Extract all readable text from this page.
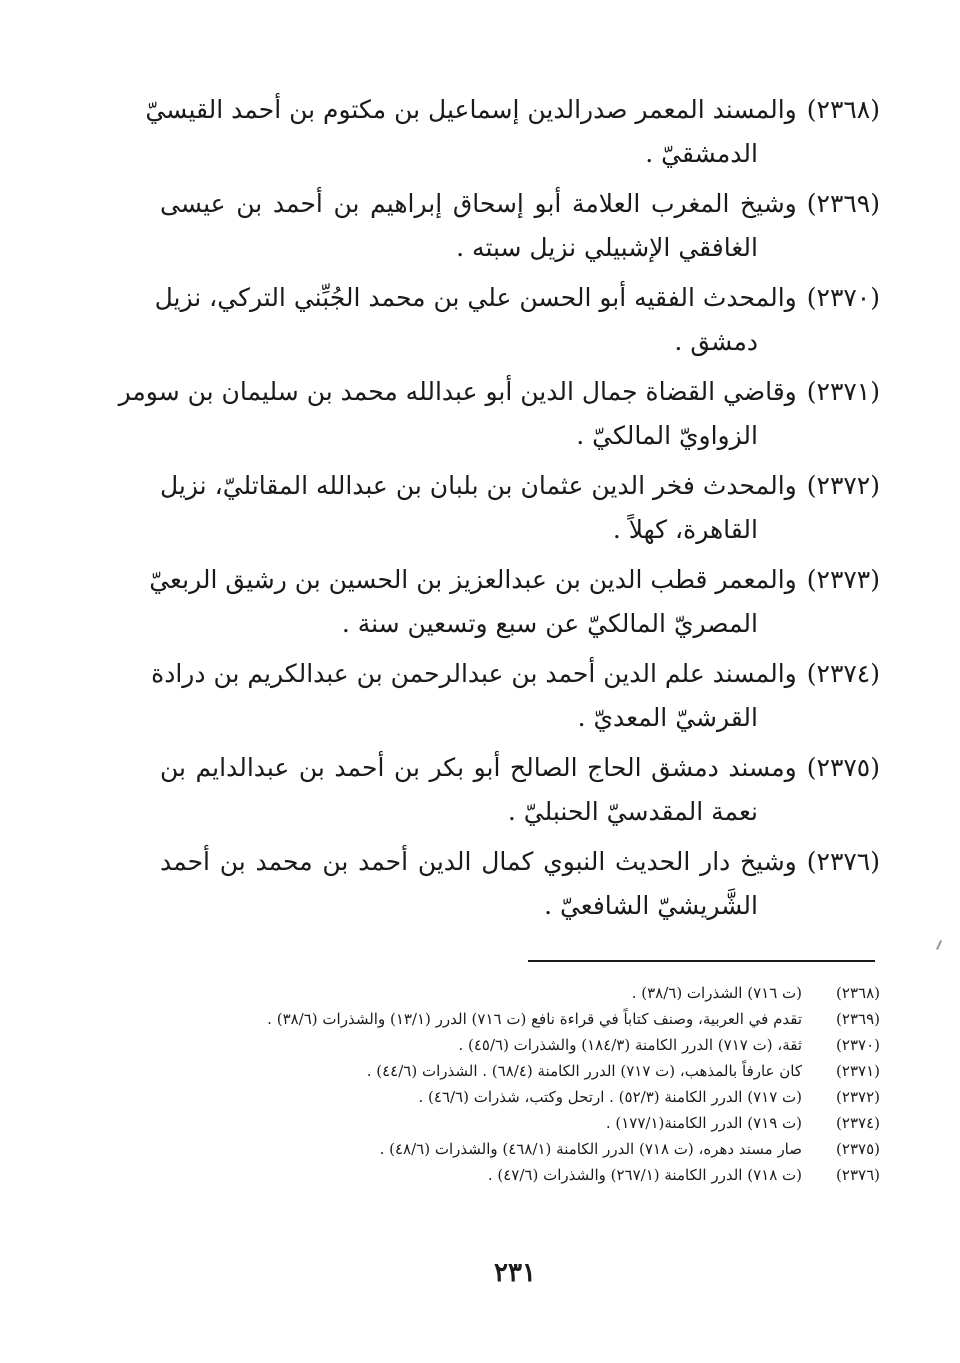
(٢٣٦٨)والمسند المعمر صدرالدين إسماعيل بن مكتوم بن أحمد القيسيّ
الدمشقيّ .
(٢٣٦٩)وشيخ المغرب العلامة أبو إسحاق إبراهيم بن أحمد بن عيسى
الغافقي الإشبيلي نزيل سبته .
(٢٣٧٠)والمحدث الفقيه أبو الحسن علي بن محمد الجُبِّني التركي، نزيل
دمشق .
(٢٣٧١)وقاضي القضاة جمال الدين أبو عبدالله محمد بن سليمان بن سومر
الزواويّ المالكيّ .
(٢٣٧٢)والمحدث فخر الدين عثمان بن بلبان بن عبدالله المقاتليّ، نزيل
القاهرة، كهلاً .
(٢٣٧٣)والمعمر قطب الدين بن عبدالعزيز بن الحسين بن رشيق الربعيّ
المصريّ المالكيّ عن سبع وتسعين سنة .
(٢٣٧٤)والمسند علم الدين أحمد بن عبدالرحمن بن عبدالكريم بن درادة
القرشيّ المعديّ .
(٢٣٧٥)ومسند دمشق الحاج الصالح أبو بكر بن أحمد بن عبدالدايم بن
نعمة المقدسيّ الحنبليّ .
(٢٣٧٦)وشيخ دار الحديث النبوي كمال الدين أحمد بن محمد بن أحمد
الشَّريشيّ الشافعيّ .
(٢٣٦٨)
(ت ٧١٦) الشذرات (٣٨/٦) .
(٢٣٦٩)
تقدم في العربية، وصنف كتاباً في قراءة نافع (ت ٧١٦) الدرر (١٣/١) والشذرات (٣٨/٦) .
(٢٣٧٠)
ثقة، (ت ٧١٧) الدرر الكامنة (١٨٤/٣) والشذرات (٤٥/٦) .
(٢٣٧١)
كان عارفاً بالمذهب، (ت ٧١٧) الدرر الكامنة (٦٨/٤) . الشذرات (٤٤/٦) .
(٢٣٧٢)
(ت ٧١٧) الدرر الكامنة (٥٢/٣) . ارتحل وكتب، شذرات (٤٦/٦) .
(٢٣٧٤)
(ت ٧١٩) الدرر الكامنة(١٧٧/١) .
(٢٣٧٥)
صار مسند دهره، (ت ٧١٨) الدرر الكامنة (٤٦٨/١) والشذرات (٤٨/٦) .
(٢٣٧٦)
(ت ٧١٨) الدرر الكامنة (٢٦٧/١) والشذرات (٤٧/٦) .
٢٣١
